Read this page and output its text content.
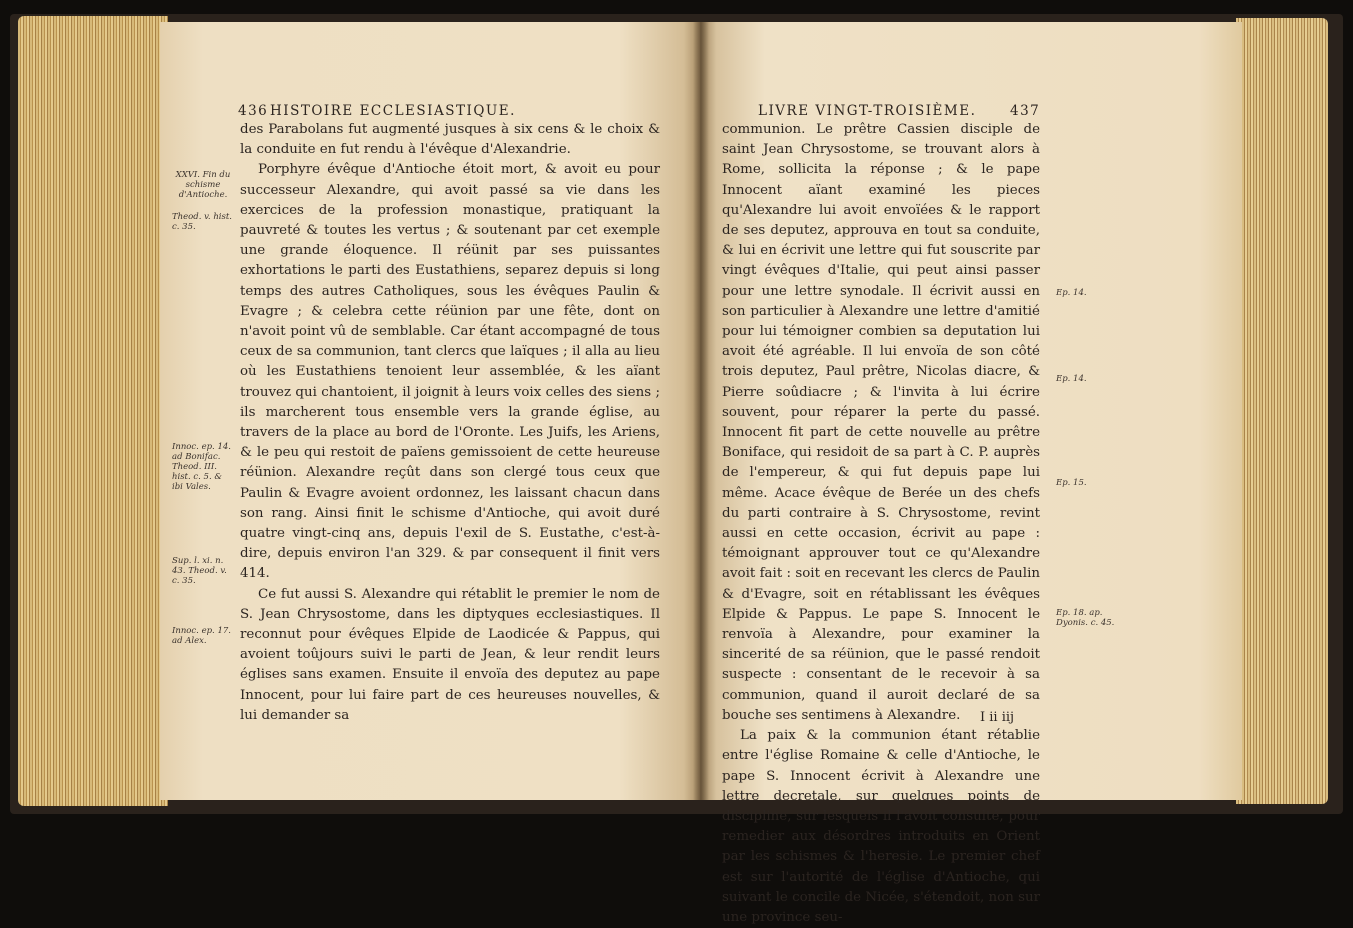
436 HISTOIRE ECCLESIASTIQUE.

des Parabolans fut augmenté jusques à six cens & le choix & la conduite en fut rendu à l'évêque d'Alexandrie.

Porphyre évêque d'Antioche étoit mort, & avoit eu pour successeur Alexandre, qui avoit passé sa vie dans les exercices de la profession monastique, pratiquant la pauvreté & toutes les vertus ; & soutenant par cet exemple une grande éloquence. Il réünit par ses puissantes exhortations le parti des Eustathiens, separez depuis si long temps des autres Catholiques, sous les évêques Paulin & Evagre ; & celebra cette réünion par une fête, dont on n'avoit point vû de semblable. Car étant accompagné de tous ceux de sa communion, tant clercs que laïques ; il alla au lieu où les Eustathiens tenoient leur assemblée, & les aïant trouvez qui chantoient, il joignit à leurs voix celles des siens ; ils marcherent tous ensemble vers la grande église, au travers de la place au bord de l'Oronte. Les Juifs, les Ariens, & le peu qui restoit de païens gemissoient de cette heureuse réünion. Alexandre reçût dans son clergé tous ceux que Paulin & Evagre avoient ordonnez, les laissant chacun dans son rang. Ainsi finit le schisme d'Antioche, qui avoit duré quatre vingt-cinq ans, depuis l'exil de S. Eustathe, c'est-à-dire, depuis environ l'an 329. & par consequent il finit vers 414.

Ce fut aussi S. Alexandre qui rétablit le premier le nom de S. Jean Chrysostome, dans les diptyques ecclesiastiques. Il reconnut pour évêques Elpide de Laodicée & Pappus, qui avoient toûjours suivi le parti de Jean, & leur rendit leurs églises sans examen. Ensuite il envoïa des deputez au pape Innocent, pour lui faire part de ces heureuses nouvelles, & lui demander sa

XXVI. Fin du schisme d'Antioche.
Theod. v. hist. c. 35.
Innoc. ep. 14. ad Bonifac. Theod. III. hist. c. 5. & ibi Vales.
Sup. l. xi. n. 43. Theod. v. c. 35.
Innoc. ep. 17. ad Alex.
LIVRE VINGT-TROISIÈME. 437

communion. Le prêtre Cassien disciple de saint Jean Chrysostome, se trouvant alors à Rome, sollicita la réponse ; & le pape Innocent aïant examiné les pieces qu'Alexandre lui avoit envoïées & le rapport de ses deputez, approuva en tout sa conduite, & lui en écrivit une lettre qui fut souscrite par vingt évêques d'Italie, qui peut ainsi passer pour une lettre synodale. Il écrivit aussi en son particulier à Alexandre une lettre d'amitié pour lui témoigner combien sa deputation lui avoit été agréable. Il lui envoïa de son côté trois deputez, Paul prêtre, Nicolas diacre, & Pierre soûdiacre ; & l'invita à lui écrire souvent, pour réparer la perte du passé. Innocent fit part de cette nouvelle au prêtre Boniface, qui residoit de sa part à C. P. auprès de l'empereur, & qui fut depuis pape lui même. Acace évêque de Berée un des chefs du parti contraire à S. Chrysostome, revint aussi en cette occasion, écrivit au pape : témoignant approuver tout ce qu'Alexandre avoit fait : soit en recevant les clercs de Paulin & d'Evagre, soit en rétablissant les évêques Elpide & Pappus. Le pape S. Innocent le renvoïa à Alexandre, pour examiner la sincerité de sa réünion, que le passé rendoit suspecte : consentant de le recevoir à sa communion, quand il auroit declaré de sa bouche ses sentimens à Alexandre.

La paix & la communion étant rétablie entre l'église Romaine & celle d'Antioche, le pape S. Innocent écrivit à Alexandre une lettre decretale, sur quelques points de discipline, sur lesquels il l'avoit consulté, pour remedier aux désordres introduits en Orient par les schismes & l'heresie. Le premier chef est sur l'autorité de l'église d'Antioche, qui suivant le concile de Nicée, s'étendoit, non sur une province seu-

I ii iij
Ep. 14.
Ep. 14.
Ep. 15.
Ep. 18. ap. Dyonis. c. 45.
